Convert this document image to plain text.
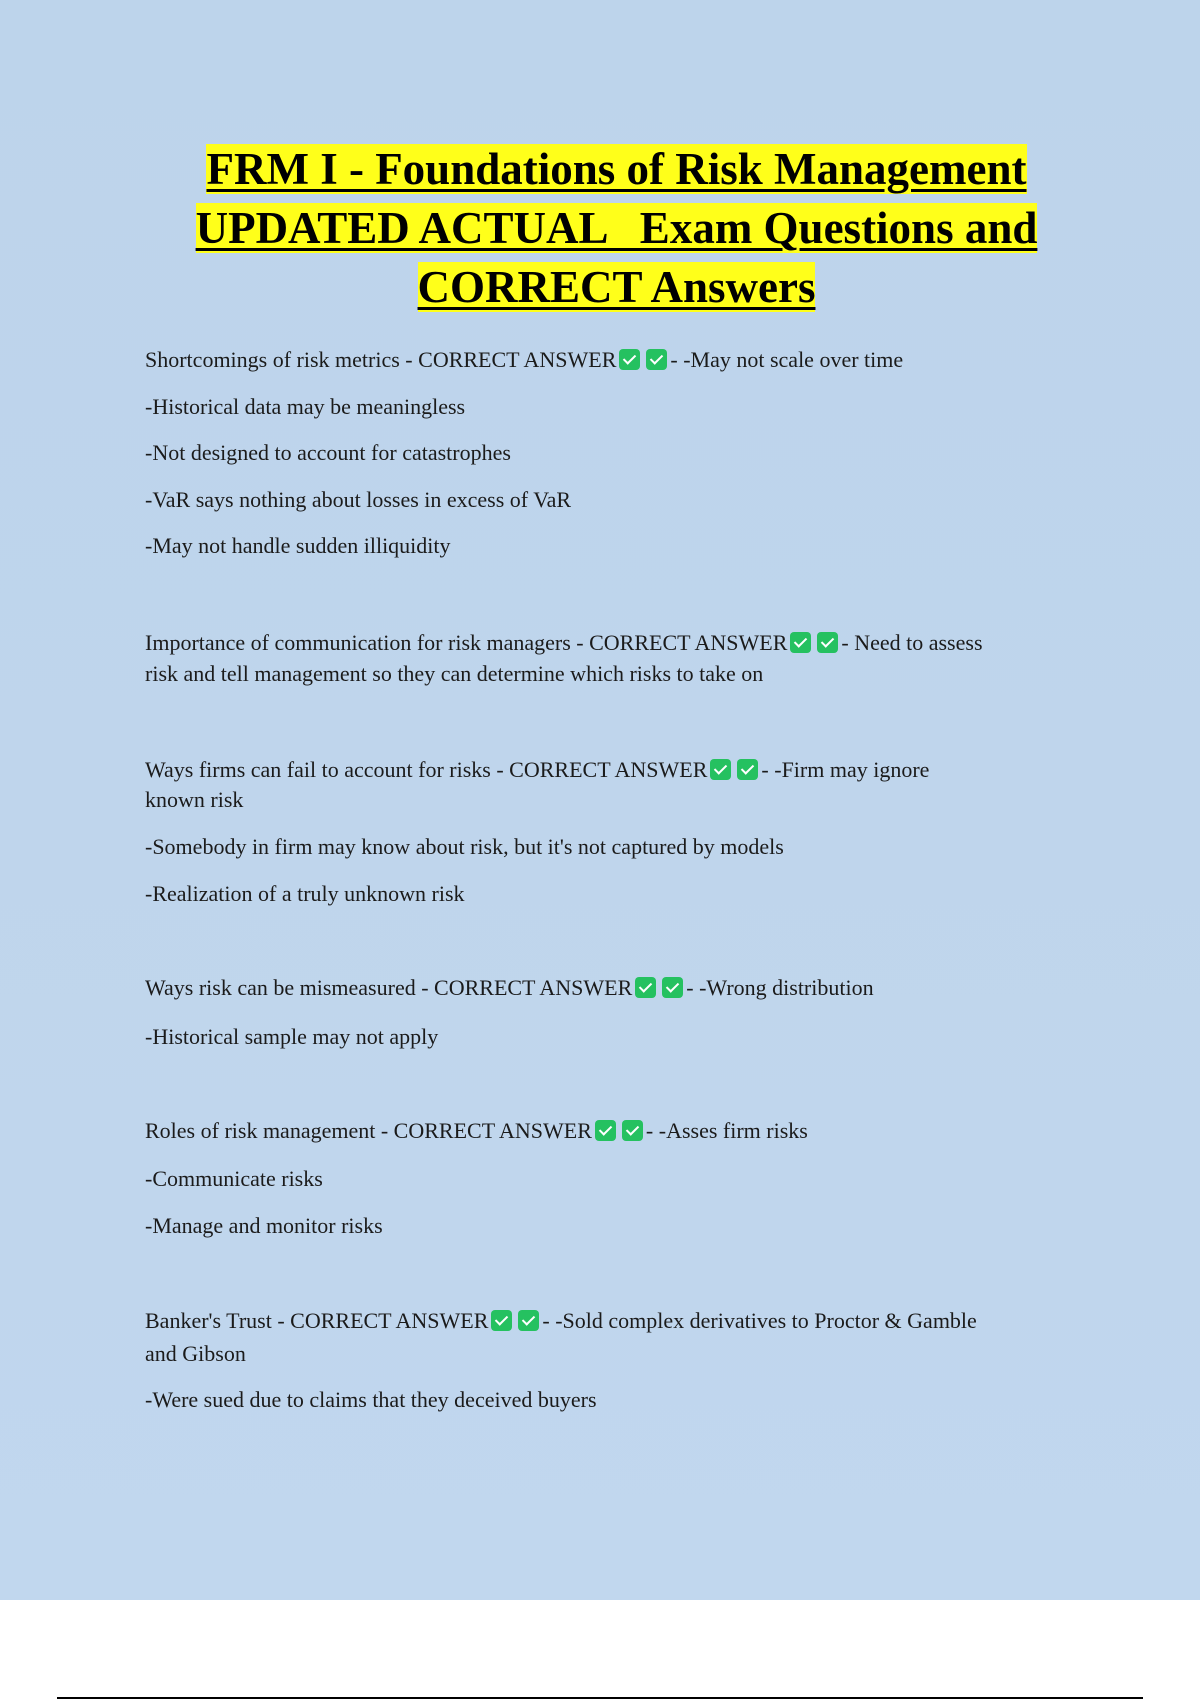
FRM I - Foundations of Risk Management
UPDATED ACTUAL   Exam Questions and
CORRECT Answers
Shortcomings of risk metrics - CORRECT ANSWER - -May not scale over time
-Historical data may be meaningless
-Not designed to account for catastrophes
-VaR says nothing about losses in excess of VaR
-May not handle sudden illiquidity
Importance of communication for risk managers - CORRECT ANSWER - Need to assess
risk and tell management so they can determine which risks to take on
Ways firms can fail to account for risks - CORRECT ANSWER - -Firm may ignore
known risk
-Somebody in firm may know about risk, but it's not captured by models
-Realization of a truly unknown risk
Ways risk can be mismeasured - CORRECT ANSWER - -Wrong distribution
-Historical sample may not apply
Roles of risk management - CORRECT ANSWER - -Asses firm risks
-Communicate risks
-Manage and monitor risks
Banker's Trust - CORRECT ANSWER - -Sold complex derivatives to Proctor & Gamble
and Gibson
-Were sued due to claims that they deceived buyers
